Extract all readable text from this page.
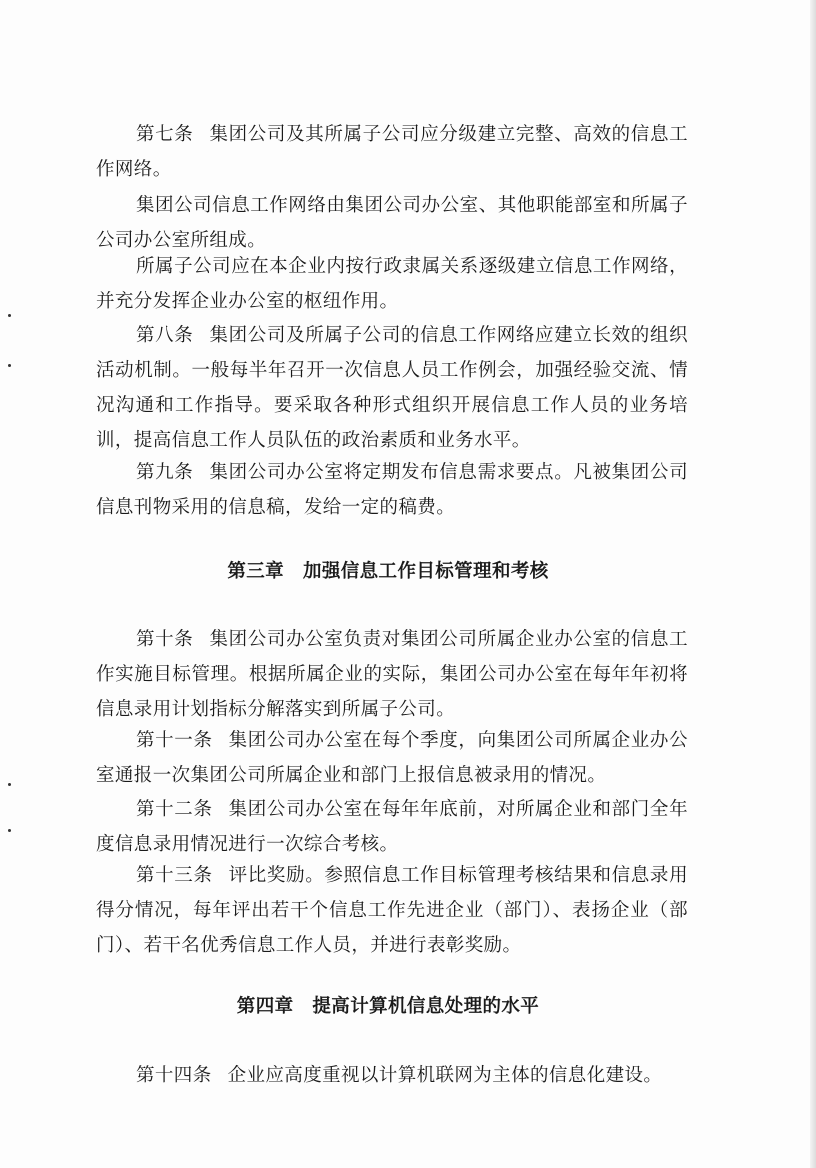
第七条 集团公司及其所属子公司应分级建立完整、高效的信息工作网络。

集团公司信息工作网络由集团公司办公室、其他职能部室和所属子公司办公室所组成。

所属子公司应在本企业内按行政隶属关系逐级建立信息工作网络，并充分发挥企业办公室的枢纽作用。

第八条 集团公司及所属子公司的信息工作网络应建立长效的组织活动机制。一般每半年召开一次信息人员工作例会，加强经验交流、情况沟通和工作指导。要采取各种形式组织开展信息工作人员的业务培训，提高信息工作人员队伍的政治素质和业务水平。

第九条 集团公司办公室将定期发布信息需求要点。凡被集团公司信息刊物采用的信息稿，发给一定的稿费。

第三章　加强信息工作目标管理和考核

第十条 集团公司办公室负责对集团公司所属企业办公室的信息工作实施目标管理。根据所属企业的实际，集团公司办公室在每年年初将信息录用计划指标分解落实到所属子公司。

第十一条 集团公司办公室在每个季度，向集团公司所属企业办公室通报一次集团公司所属企业和部门上报信息被录用的情况。

第十二条 集团公司办公室在每年年底前，对所属企业和部门全年度信息录用情况进行一次综合考核。

第十三条 评比奖励。参照信息工作目标管理考核结果和信息录用得分情况，每年评出若干个信息工作先进企业（部门）、表扬企业（部门）、若干名优秀信息工作人员，并进行表彰奖励。

第四章　提高计算机信息处理的水平

第十四条 企业应高度重视以计算机联网为主体的信息化建设。
